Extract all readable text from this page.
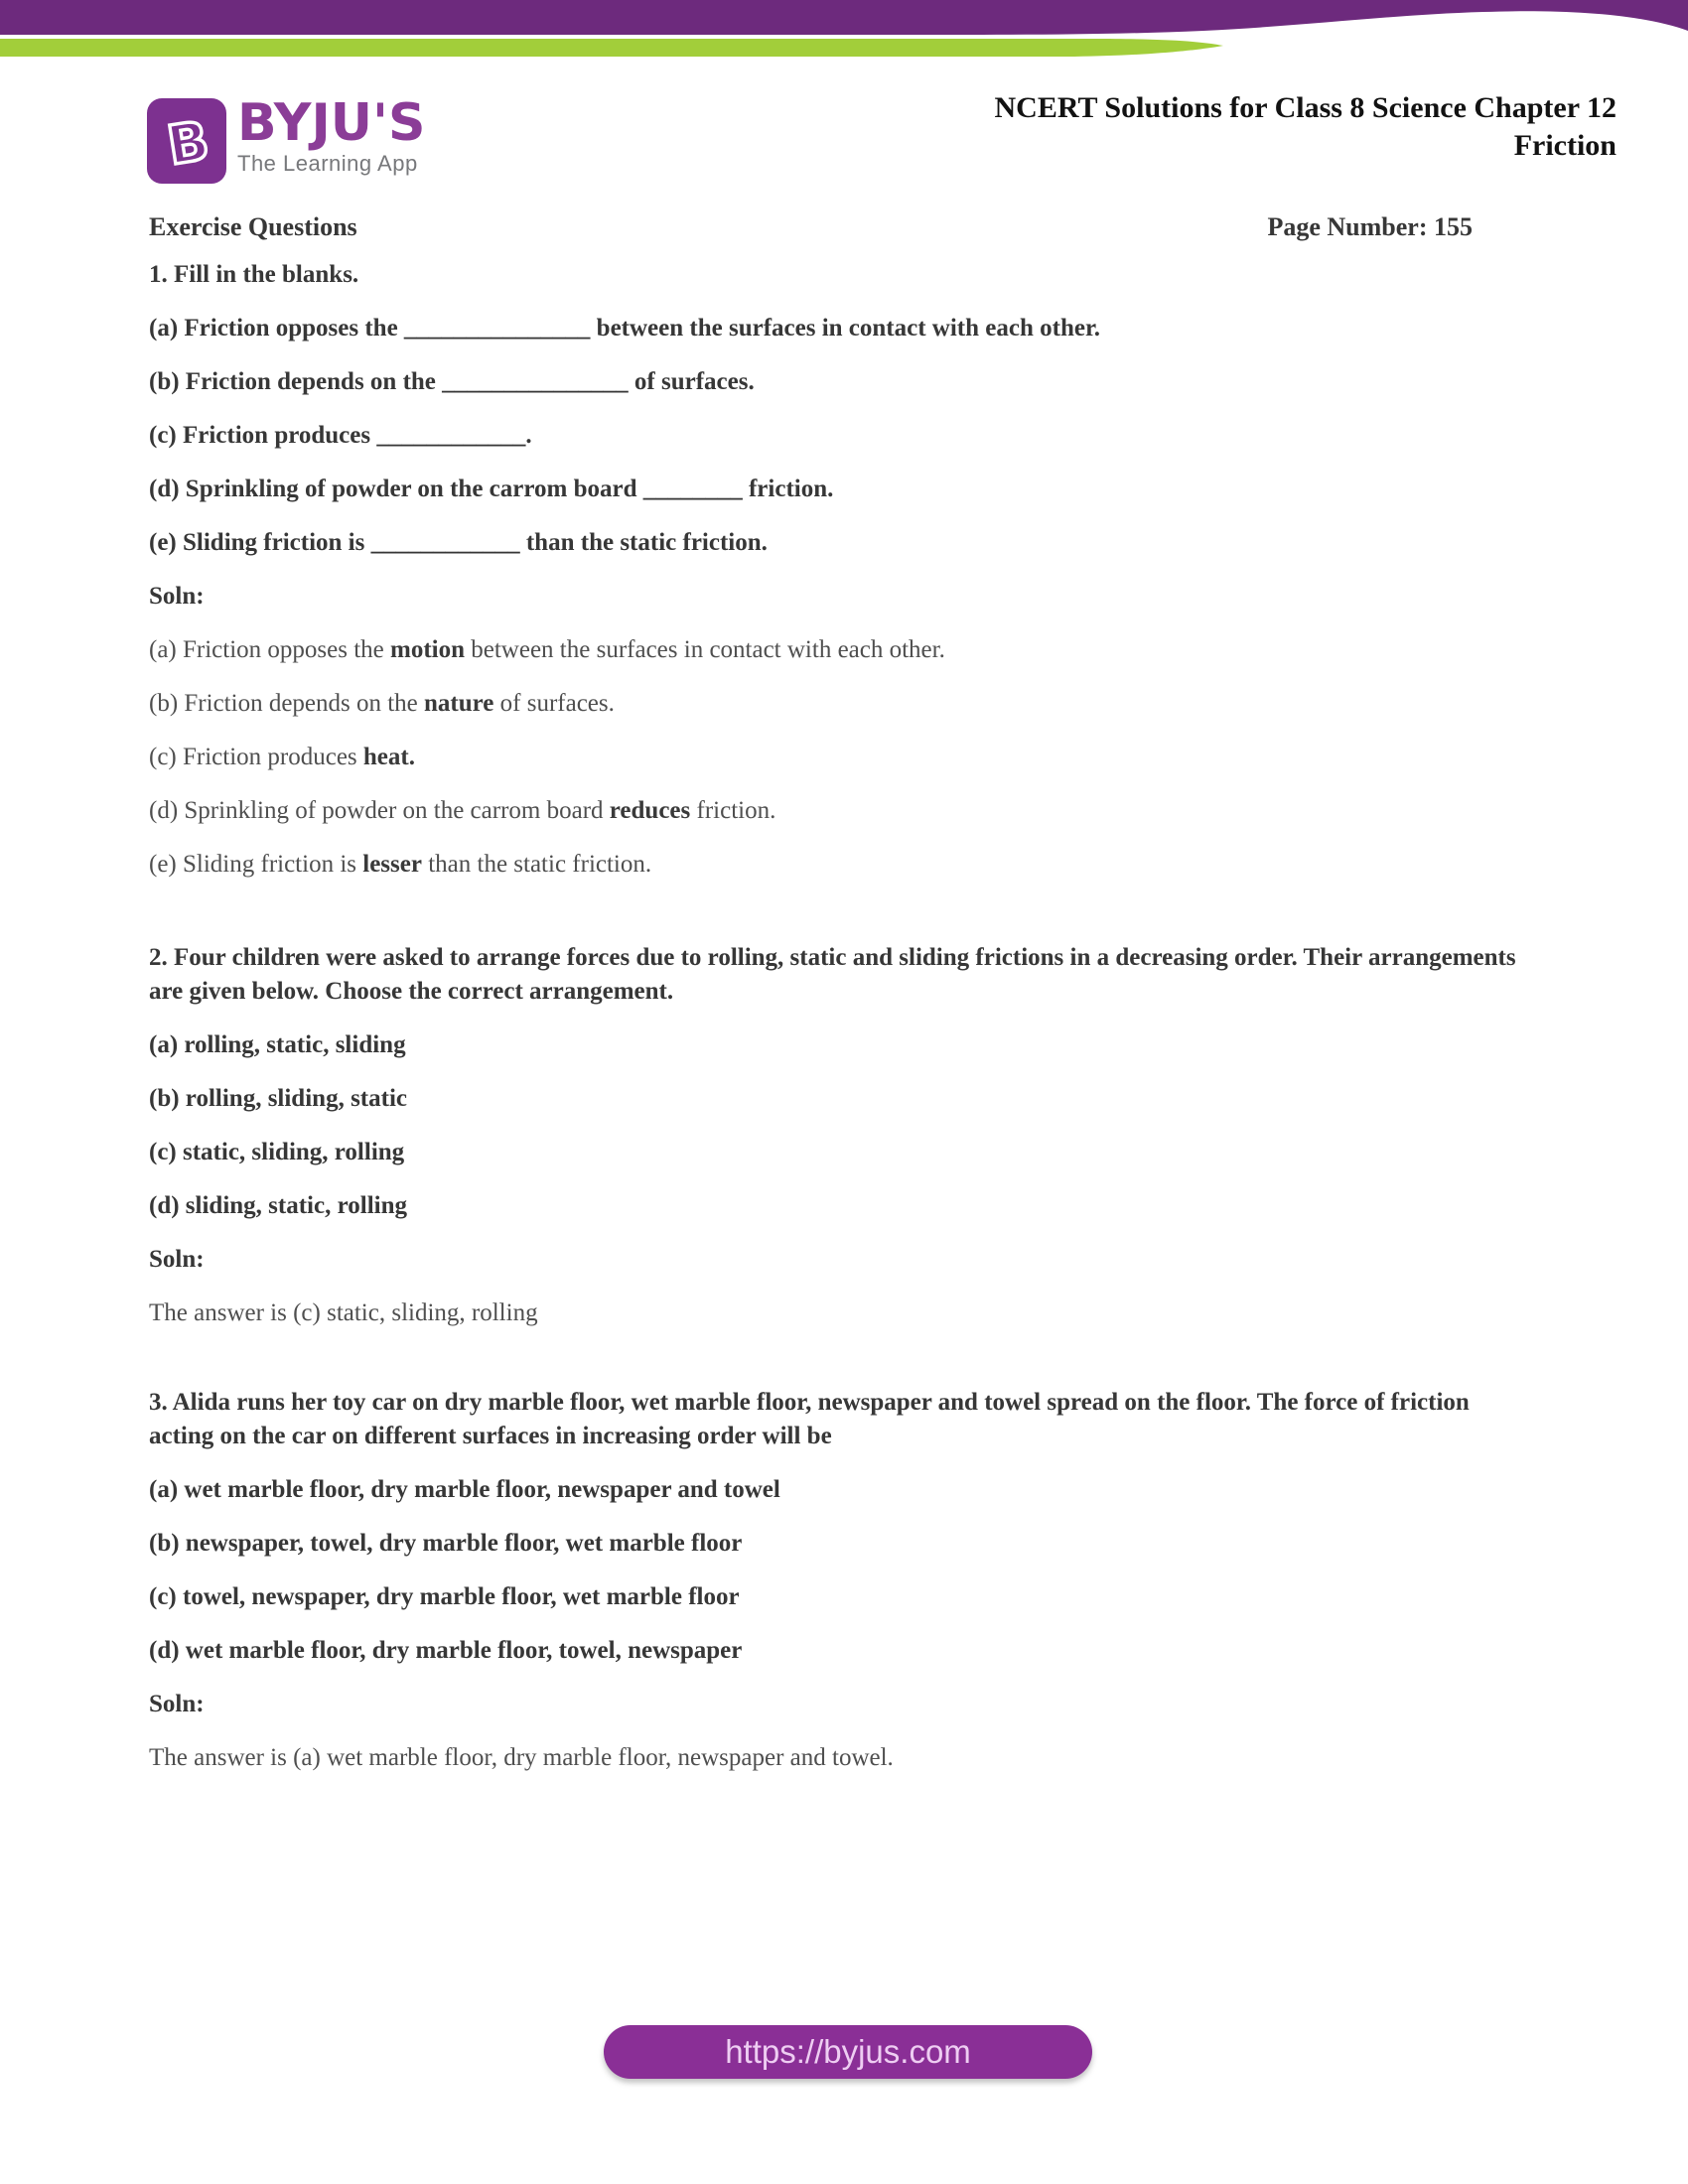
B BYJU'S
The Learning App
NCERT Solutions for Class 8 Science Chapter 12
Friction
Exercise Questions	Page Number: 155

1. Fill in the blanks.

(a) Friction opposes the _______________ between the surfaces in contact with each other.

(b) Friction depends on the _______________ of surfaces.

(c) Friction produces ____________.

(d) Sprinkling of powder on the carrom board ________ friction.

(e) Sliding friction is ____________ than the static friction.

Soln:

(a) Friction opposes the motion between the surfaces in contact with each other.

(b) Friction depends on the nature of surfaces.

(c) Friction produces heat.

(d) Sprinkling of powder on the carrom board reduces friction.

(e) Sliding friction is lesser than the static friction.

2. Four children were asked to arrange forces due to rolling, static and sliding frictions in a decreasing order. Their arrangements are given below. Choose the correct arrangement.

(a) rolling, static, sliding

(b) rolling, sliding, static

(c) static, sliding, rolling

(d) sliding, static, rolling

Soln:

The answer is (c) static, sliding, rolling

3. Alida runs her toy car on dry marble floor, wet marble floor, newspaper and towel spread on the floor. The force of friction acting on the car on different surfaces in increasing order will be

(a) wet marble floor, dry marble floor, newspaper and towel

(b) newspaper, towel, dry marble floor, wet marble floor

(c) towel, newspaper, dry marble floor, wet marble floor

(d) wet marble floor, dry marble floor, towel, newspaper

Soln:

The answer is (a) wet marble floor, dry marble floor, newspaper and towel.

https://byjus.com
